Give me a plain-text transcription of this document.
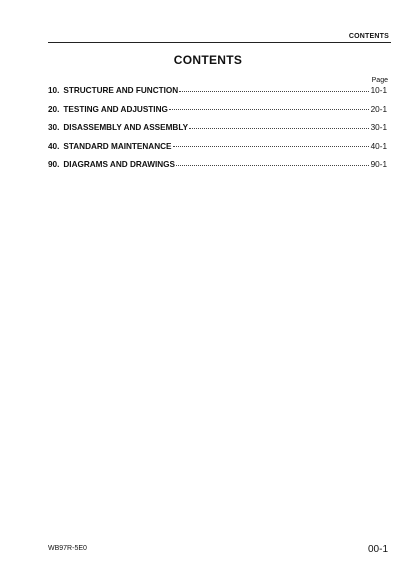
CONTENTS
CONTENTS
Page
10. STRUCTURE AND FUNCTION	10-1
20. TESTING AND ADJUSTING	20-1
30. DISASSEMBLY AND ASSEMBLY	30-1
40. STANDARD MAINTENANCE	40-1
90. DIAGRAMS AND DRAWINGS	90-1
WB97R-5E0	00-1
